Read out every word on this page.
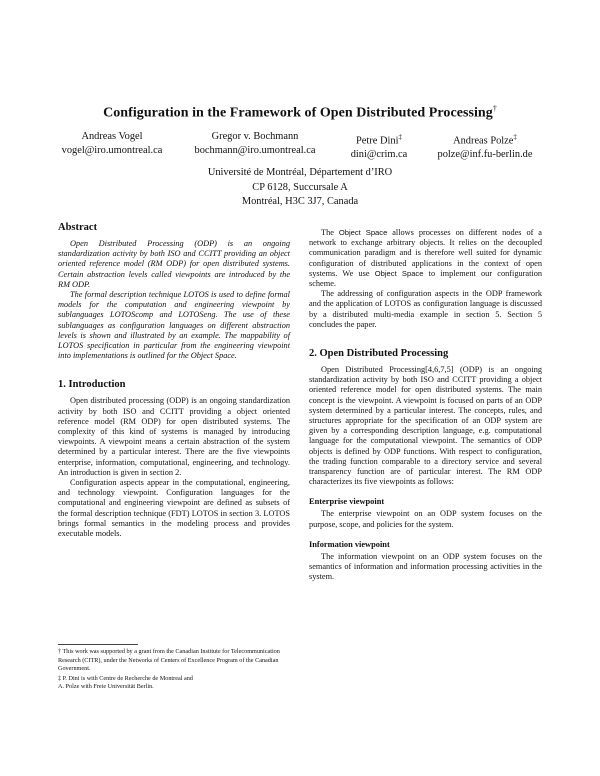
Configuration in the Framework of Open Distributed Processing†
Andreas Vogel
vogel@iro.umontreal.ca
Gregor v. Bochmann
bochmann@iro.umontreal.ca
Petre Dini‡
dini@crim.ca
Andreas Polze‡
polze@inf.fu-berlin.de
Université de Montréal, Département d’IRO
CP 6128, Succursale A
Montréal, H3C 3J7, Canada
Abstract

Open Distributed Processing (ODP) is an ongoing standardization activity by both ISO and CCITT providing an object oriented reference model (RM ODP) for open distributed systems. Certain abstraction levels called viewpoints are introduced by the RM ODP.

The formal description technique LOTOS is used to define formal models for the computation and engineering viewpoint by sublanguages LOTOScomp and LOTOSeng. The use of these sublanguages as configuration languages on different abstraction levels is shown and illustrated by an example. The mappability of LOTOS specification in particular from the engineering viewpoint into implementations is outlined for the Object Space.

1. Introduction

Open distributed processing (ODP) is an ongoing standardization activity by both ISO and CCITT providing a object oriented reference model (RM ODP) for open distributed systems. The complexity of this kind of systems is managed by introducing viewpoints. A viewpoint means a certain abstraction of the system determined by a particular interest. There are the five viewpoints enterprise, information, computational, engineering, and technology. An introduction is given in section 2.

Configuration aspects appear in the computational, engineering, and technology viewpoint. Configuration languages for the computational and engineering viewpoint are defined as subsets of the formal description technique (FDT) LOTOS in section 3. LOTOS brings formal semantics in the modeling process and provides executable models.

† This work was supported by a grant from the Canadian Institute for Telecommunication Research (CITR), under the Networks of Centers of Excellence Program of the Canadian Government.
‡ P. Dini is with Centre de Recherche de Montreal and
A. Polze with Freie Universität Berlin.

The Object Space allows processes on different nodes of a network to exchange arbitrary objects. It relies on the decoupled communication paradigm and is therefore well suited for dynamic configuration of distributed applications in the context of open systems. We use Object Space to implement our configuration scheme.

The addressing of configuration aspects in the ODP framework and the application of LOTOS as configuration language is discussed by a distributed multi-media example in section 5. Section 5 concludes the paper.

2. Open Distributed Processing

Open Distributed Processing[4,6,7,5] (ODP) is an ongoing standardization activity by both ISO and CCITT providing a object oriented reference model for open distributed systems. The main concept is the viewpoint. A viewpoint is focused on parts of an ODP system determined by a particular interest. The concepts, rules, and structures appropriate for the specification of an ODP system are given by a corresponding description language, e.g. computational language for the computational viewpoint. The semantics of ODP objects is defined by ODP functions. With respect to configuration, the trading function comparable to a directory service and several transparency function are of particular interest. The RM ODP characterizes its five viewpoints as follows:

Enterprise viewpoint

The enterprise viewpoint on an ODP system focuses on the purpose, scope, and policies for the system.

Information viewpoint

The information viewpoint on an ODP system focuses on the semantics of information and information processing activities in the system.
